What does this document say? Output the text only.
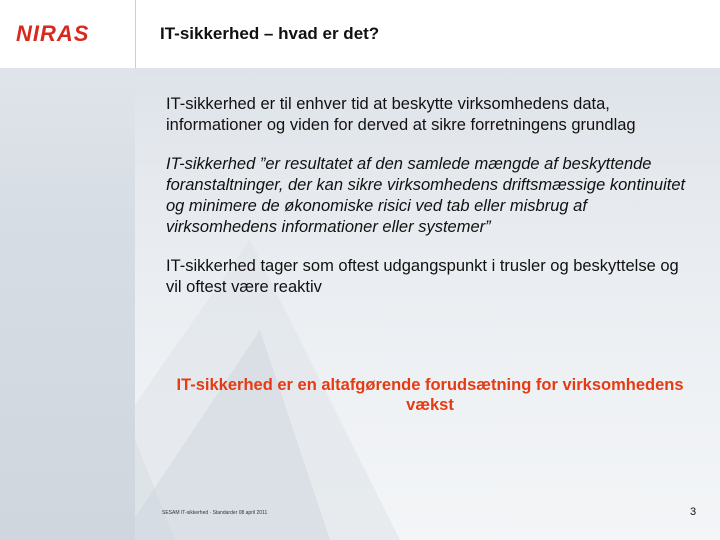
NIRAS	IT-sikkerhed – hvad er det?

IT-sikkerhed er til enhver tid at beskytte virksomhedens data, informationer og viden for derved at sikre forretningens grundlag

IT-sikkerhed ”er resultatet af den samlede mængde af beskyttende foranstaltninger, der kan sikre virksomhedens driftsmæssige kontinuitet og minimere de økonomiske risici ved tab eller misbrug af virksomhedens informationer eller systemer”

IT-sikkerhed tager som oftest udgangspunkt i trusler og beskyttelse og vil oftest være reaktiv

IT-sikkerhed er en altafgørende forudsætning for virksomhedens vækst
SESAM IT-sikkerhed · Standarder 08 april 2011	3
